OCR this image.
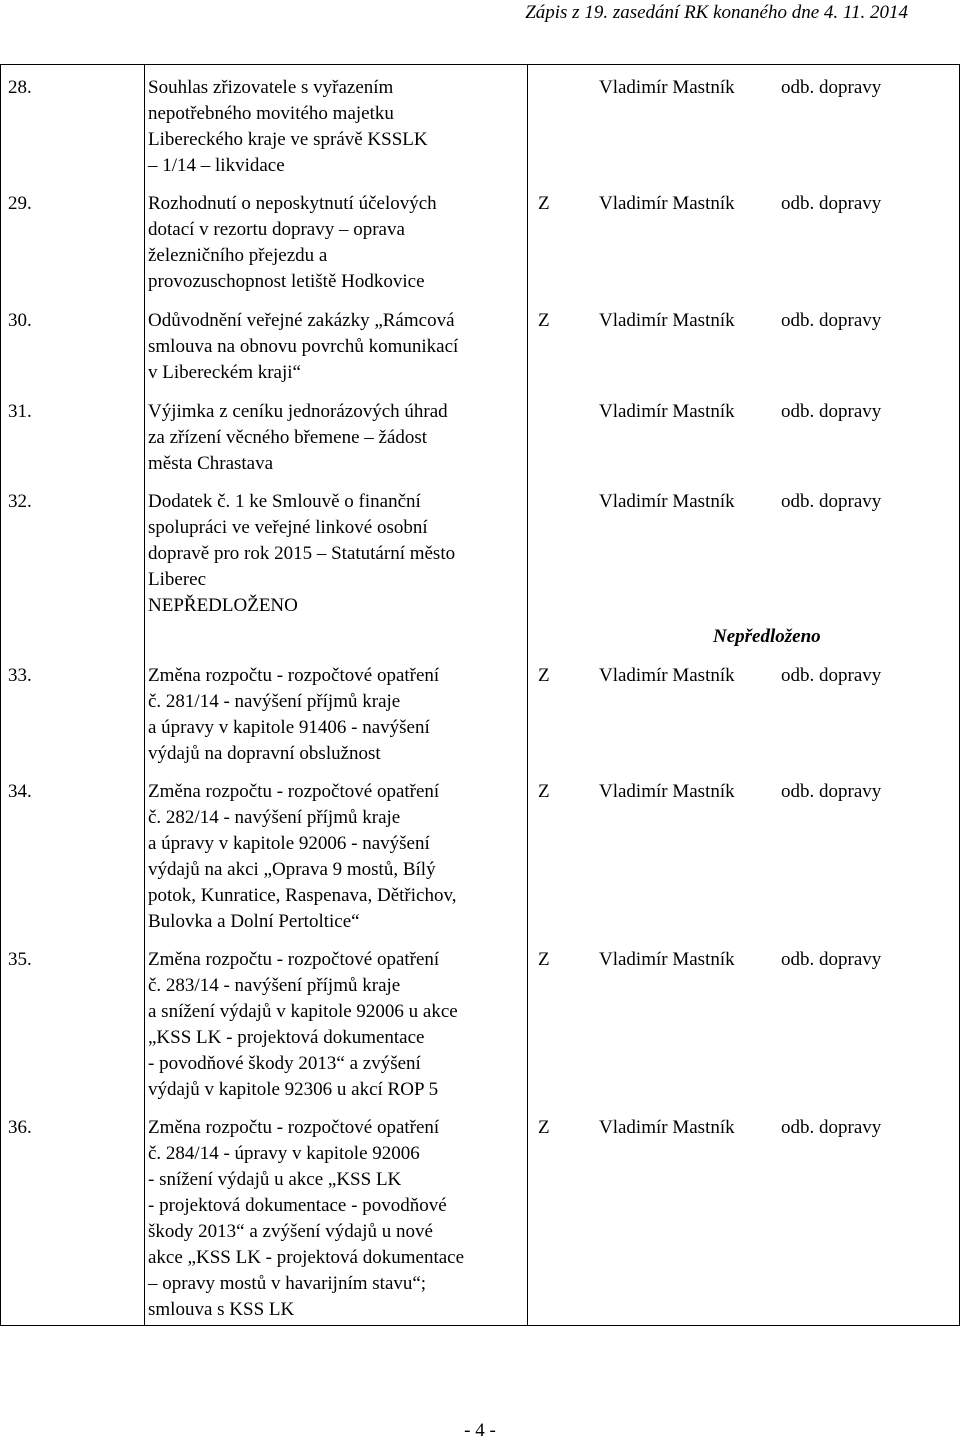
Zápis z 19. zasedání RK konaného dne 4. 11. 2014
28.	Souhlas zřizovatele s vyřazením
nepotřebného movitého majetku
Libereckého kraje ve správě KSSLK
– 1/14 – likvidace
Vladimír Mastník odb. dopravy
29.	Rozhodnutí o neposkytnutí účelových
dotací v rezortu dopravy – oprava
železničního přejezdu a
provozuschopnost letiště Hodkovice
Z	Vladimír Mastník odb. dopravy
30.	Odůvodnění veřejné zakázky „Rámcová
smlouva na obnovu povrchů komunikací
v Libereckém kraji“
Z	Vladimír Mastník odb. dopravy
31.	Výjimka z ceníku jednorázových úhrad
za zřízení věcného břemene – žádost
města Chrastava
Vladimír Mastník odb. dopravy
32.	Dodatek č. 1 ke Smlouvě o finanční
spolupráci ve veřejné linkové osobní
dopravě pro rok 2015 – Statutární město
Liberec
NEPŘEDLOŽENO
Vladimír Mastník odb. dopravy
Nepředloženo
33.	Změna rozpočtu - rozpočtové opatření
č. 281/14 - navýšení příjmů kraje
a úpravy v kapitole 91406 - navýšení
výdajů na dopravní obslužnost
Z	Vladimír Mastník odb. dopravy
34.	Změna rozpočtu - rozpočtové opatření
č. 282/14 - navýšení příjmů kraje
a úpravy v kapitole 92006 - navýšení
výdajů na akci „Oprava 9 mostů, Bílý
potok, Kunratice, Raspenava, Dětřichov,
Bulovka a Dolní Pertoltice“
Z	Vladimír Mastník odb. dopravy
35.	Změna rozpočtu - rozpočtové opatření
č. 283/14 - navýšení příjmů kraje
a snížení výdajů v kapitole 92006 u akce
„KSS LK - projektová dokumentace
- povodňové škody 2013“ a zvýšení
výdajů v kapitole 92306 u akcí ROP 5
Z	Vladimír Mastník odb. dopravy
36.	Změna rozpočtu - rozpočtové opatření
č. 284/14 - úpravy v kapitole 92006
- snížení výdajů u akce „KSS LK
- projektová dokumentace - povodňové
škody 2013“ a zvýšení výdajů u nové
akce „KSS LK - projektová dokumentace
– opravy mostů v havarijním stavu“;
smlouva s KSS LK
Z	Vladimír Mastník odb. dopravy
- 4 -
